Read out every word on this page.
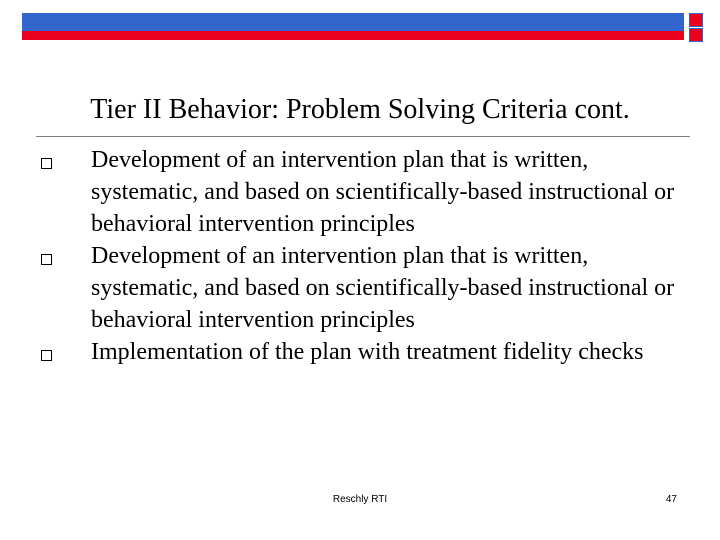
Tier II Behavior: Problem Solving Criteria cont.
Development of an intervention plan that is written, systematic, and based on scientifically-based instructional or behavioral intervention principles
Development of an intervention plan that is written, systematic, and based on scientifically-based instructional or behavioral intervention principles
Implementation of the plan with treatment fidelity checks
Reschly RTI	47
